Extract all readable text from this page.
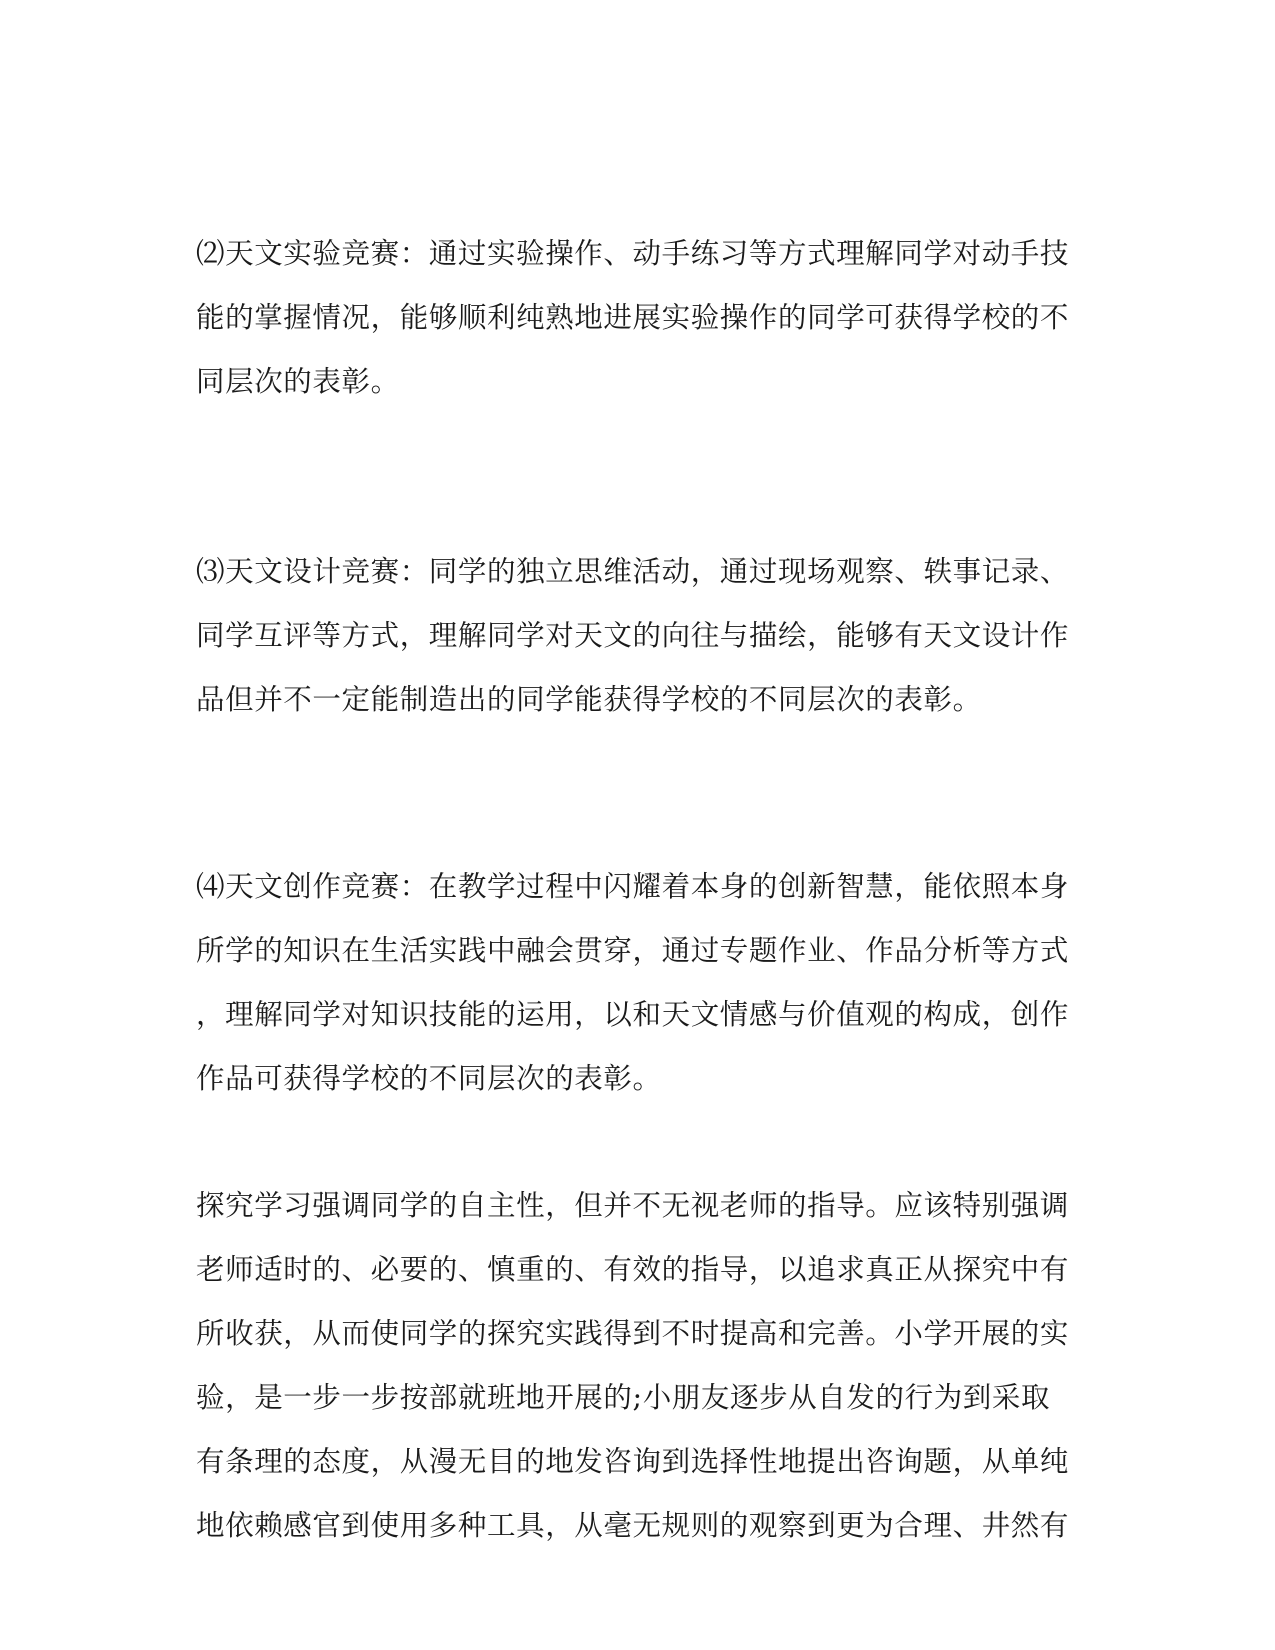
⑵天文实验竞赛：通过实验操作、动手练习等方式理解同学对动手技
能的掌握情况，能够顺利纯熟地进展实验操作的同学可获得学校的不
同层次的表彰。
⑶天文设计竞赛：同学的独立思维活动，通过现场观察、轶事记录、
同学互评等方式，理解同学对天文的向往与描绘，能够有天文设计作
品但并不一定能制造出的同学能获得学校的不同层次的表彰。
⑷天文创作竞赛：在教学过程中闪耀着本身的创新智慧，能依照本身
所学的知识在生活实践中融会贯穿，通过专题作业、作品分析等方式
，理解同学对知识技能的运用，以和天文情感与价值观的构成，创作
作品可获得学校的不同层次的表彰。
探究学习强调同学的自主性，但并不无视老师的指导。应该特别强调
老师适时的、必要的、慎重的、有效的指导，以追求真正从探究中有
所收获，从而使同学的探究实践得到不时提高和完善。小学开展的实
验，是一步一步按部就班地开展的;小朋友逐步从自发的行为到采取
有条理的态度，从漫无目的地发咨询到选择性地提出咨询题，从单纯
地依赖感官到使用多种工具，从毫无规则的观察到更为合理、井然有
